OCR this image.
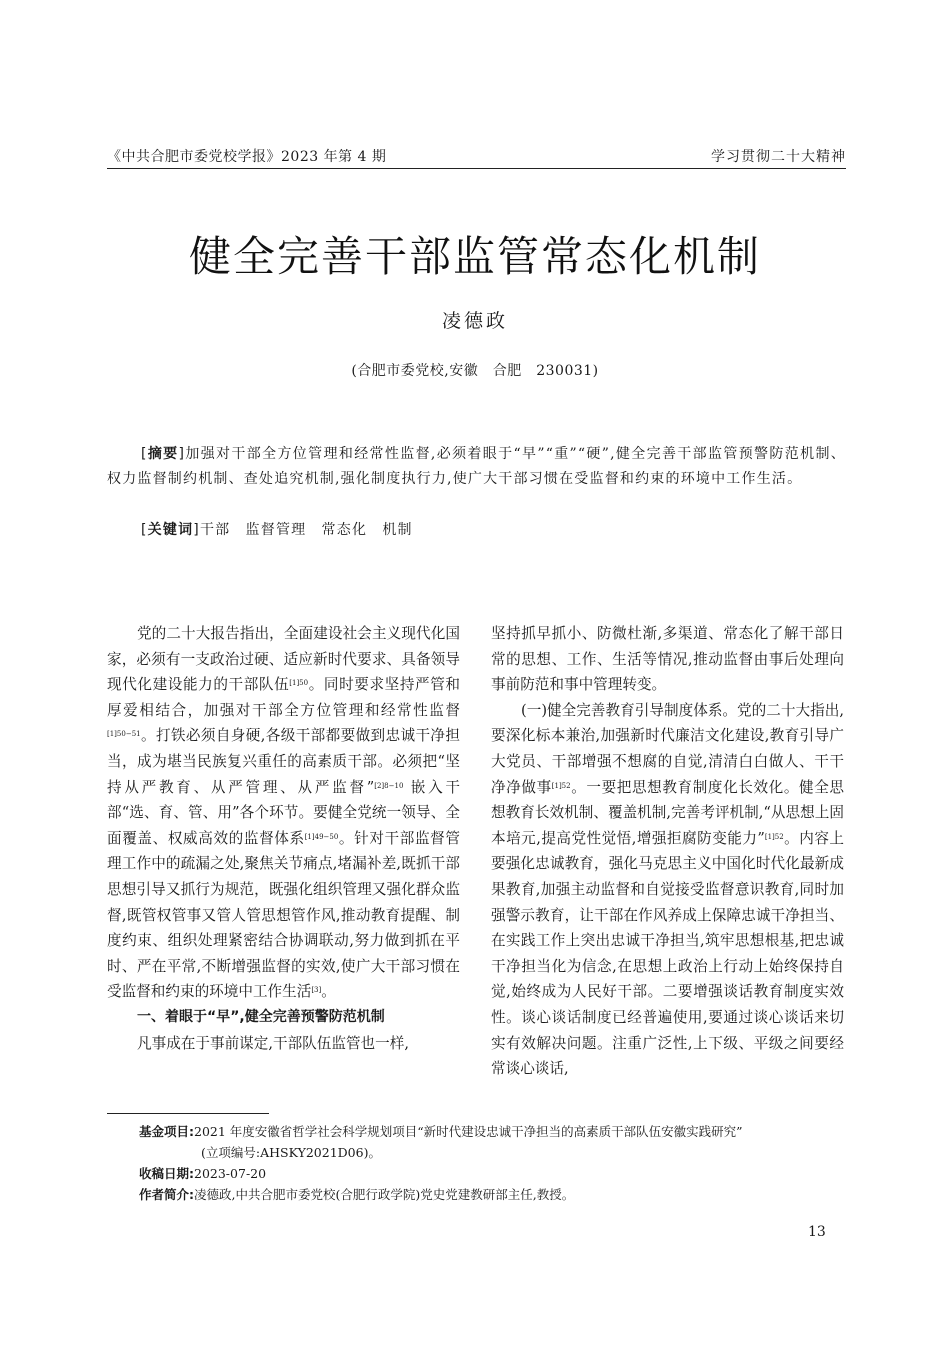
《中共合肥市委党校学报》2023 年第 4 期	学习贯彻二十大精神
健全完善干部监管常态化机制
凌德政
(合肥市委党校,安徽　合肥　230031)

[摘要]加强对干部全方位管理和经常性监督,必须着眼于“早”“重”“硬”,健全完善干部监管预警防范机制、权力监督制约机制、查处追究机制,强化制度执行力,使广大干部习惯在受监督和约束的环境中工作生活。

[关键词]干部　监督管理　常态化　机制

党的二十大报告指出，全面建设社会主义现代化国家，必须有一支政治过硬、适应新时代要求、具备领导现代化建设能力的干部队伍$^{[1]50}$。同时要求坚持严管和厚爱相结合，加强对干部全方位管理和经常性监督$^{[1]50-51}$。打铁必须自身硬,各级干部都要做到忠诚干净担当，成为堪当民族复兴重任的高素质干部。必须把“坚持从严教育、从严管理、从严监督”$^{[2]8-10}$ 嵌入干部“选、育、管、用”各个环节。要健全党统一领导、全面覆盖、权威高效的监督体系$^{[1]49-50}$。针对干部监督管理工作中的疏漏之处,聚焦关节痛点,堵漏补差,既抓干部思想引导又抓行为规范，既强化组织管理又强化群众监督,既管权管事又管人管思想管作风,推动教育提醒、制度约束、组织处理紧密结合协调联动,努力做到抓在平时、严在平常,不断增强监督的实效,使广大干部习惯在受监督和约束的环境中工作生活[3]。

一、着眼于“早”,健全完善预警防范机制

凡事成在于事前谋定,干部队伍监管也一样,

坚持抓早抓小、防微杜渐,多渠道、常态化了解干部日常的思想、工作、生活等情况,推动监督由事后处理向事前防范和事中管理转变。

(一)健全完善教育引导制度体系。党的二十大指出,要深化标本兼治,加强新时代廉洁文化建设,教育引导广大党员、干部增强不想腐的自觉,清清白白做人、干干净净做事$^{[1]52}$。一要把思想教育制度化长效化。健全思想教育长效机制、覆盖机制,完善考评机制,“从思想上固本培元,提高党性觉悟,增强拒腐防变能力”$^{[1]52}$。内容上要强化忠诚教育，强化马克思主义中国化时代化最新成果教育,加强主动监督和自觉接受监督意识教育,同时加强警示教育，让干部在作风养成上保障忠诚干净担当、在实践工作上突出忠诚干净担当,筑牢思想根基,把忠诚干净担当化为信念,在思想上政治上行动上始终保持自觉,始终成为人民好干部。二要增强谈话教育制度实效性。谈心谈话制度已经普遍使用,要通过谈心谈话来切实有效解决问题。注重广泛性,上下级、平级之间要经常谈心谈话,

基金项目:2021 年度安徽省哲学社会科学规划项目“新时代建设忠诚干净担当的高素质干部队伍安徽实践研究”

(立项编号:AHSKY2021D06)。

收稿日期:2023-07-20

作者简介:凌德政,中共合肥市委党校(合肥行政学院)党史党建教研部主任,教授。

13
